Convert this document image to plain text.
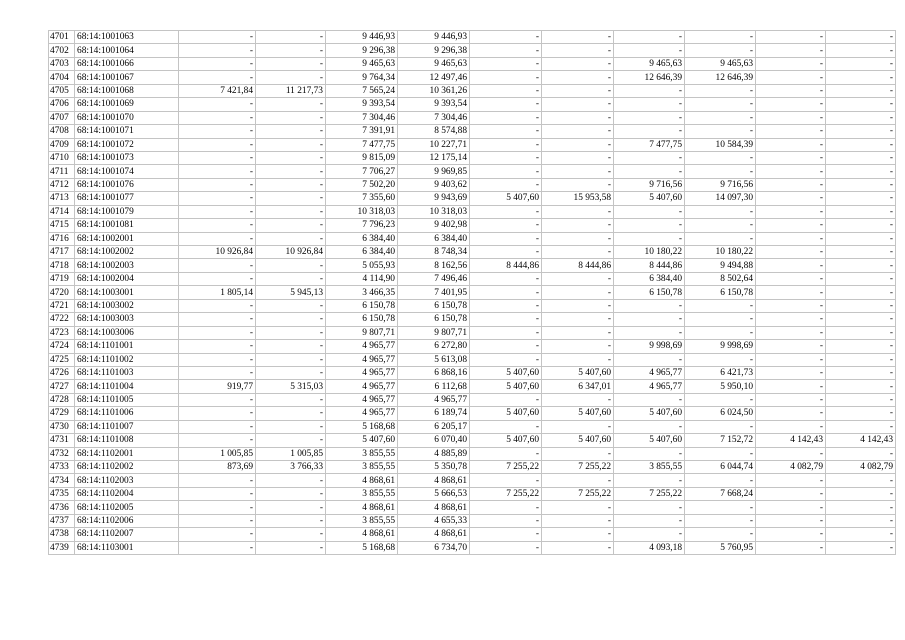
4701	68:14:1001063	-	-	9 446,93	9 446,93	-	-	-	-	-	-
4702	68:14:1001064	-	-	9 296,38	9 296,38	-	-	-	-	-	-
4703	68:14:1001066	-	-	9 465,63	9 465,63	-	-	9 465,63	9 465,63	-	-
4704	68:14:1001067	-	-	9 764,34	12 497,46	-	-	12 646,39	12 646,39	-	-
4705	68:14:1001068	7 421,84	11 217,73	7 565,24	10 361,26	-	-	-	-	-	-
4706	68:14:1001069	-	-	9 393,54	9 393,54	-	-	-	-	-	-
4707	68:14:1001070	-	-	7 304,46	7 304,46	-	-	-	-	-	-
4708	68:14:1001071	-	-	7 391,91	8 574,88	-	-	-	-	-	-
4709	68:14:1001072	-	-	7 477,75	10 227,71	-	-	7 477,75	10 584,39	-	-
4710	68:14:1001073	-	-	9 815,09	12 175,14	-	-	-	-	-	-
4711	68:14:1001074	-	-	7 706,27	9 969,85	-	-	-	-	-	-
4712	68:14:1001076	-	-	7 502,20	9 403,62	-	-	9 716,56	9 716,56	-	-
4713	68:14:1001077	-	-	7 355,60	9 943,69	5 407,60	15 953,58	5 407,60	14 097,30	-	-
4714	68:14:1001079	-	-	10 318,03	10 318,03	-	-	-	-	-	-
4715	68:14:1001081	-	-	7 796,23	9 402,98	-	-	-	-	-	-
4716	68:14:1002001	-	-	6 384,40	6 384,40	-	-	-	-	-	-
4717	68:14:1002002	10 926,84	10 926,84	6 384,40	8 748,34	-	-	10 180,22	10 180,22	-	-
4718	68:14:1002003	-	-	5 055,93	8 162,56	8 444,86	8 444,86	8 444,86	9 494,88	-	-
4719	68:14:1002004	-	-	4 114,90	7 496,46	-	-	6 384,40	8 502,64	-	-
4720	68:14:1003001	1 805,14	5 945,13	3 466,35	7 401,95	-	-	6 150,78	6 150,78	-	-
4721	68:14:1003002	-	-	6 150,78	6 150,78	-	-	-	-	-	-
4722	68:14:1003003	-	-	6 150,78	6 150,78	-	-	-	-	-	-
4723	68:14:1003006	-	-	9 807,71	9 807,71	-	-	-	-	-	-
4724	68:14:1101001	-	-	4 965,77	6 272,80	-	-	9 998,69	9 998,69	-	-
4725	68:14:1101002	-	-	4 965,77	5 613,08	-	-	-	-	-	-
4726	68:14:1101003	-	-	4 965,77	6 868,16	5 407,60	5 407,60	4 965,77	6 421,73	-	-
4727	68:14:1101004	919,77	5 315,03	4 965,77	6 112,68	5 407,60	6 347,01	4 965,77	5 950,10	-	-
4728	68:14:1101005	-	-	4 965,77	4 965,77	-	-	-	-	-	-
4729	68:14:1101006	-	-	4 965,77	6 189,74	5 407,60	5 407,60	5 407,60	6 024,50	-	-
4730	68:14:1101007	-	-	5 168,68	6 205,17	-	-	-	-	-	-
4731	68:14:1101008	-	-	5 407,60	6 070,40	5 407,60	5 407,60	5 407,60	7 152,72	4 142,43	4 142,43
4732	68:14:1102001	1 005,85	1 005,85	3 855,55	4 885,89	-	-	-	-	-	-
4733	68:14:1102002	873,69	3 766,33	3 855,55	5 350,78	7 255,22	7 255,22	3 855,55	6 044,74	4 082,79	4 082,79
4734	68:14:1102003	-	-	4 868,61	4 868,61	-	-	-	-	-	-
4735	68:14:1102004	-	-	3 855,55	5 666,53	7 255,22	7 255,22	7 255,22	7 668,24	-	-
4736	68:14:1102005	-	-	4 868,61	4 868,61	-	-	-	-	-	-
4737	68:14:1102006	-	-	3 855,55	4 655,33	-	-	-	-	-	-
4738	68:14:1102007	-	-	4 868,61	4 868,61	-	-	-	-	-	-
4739	68:14:1103001	-	-	5 168,68	6 734,70	-	-	4 093,18	5 760,95	-	-
